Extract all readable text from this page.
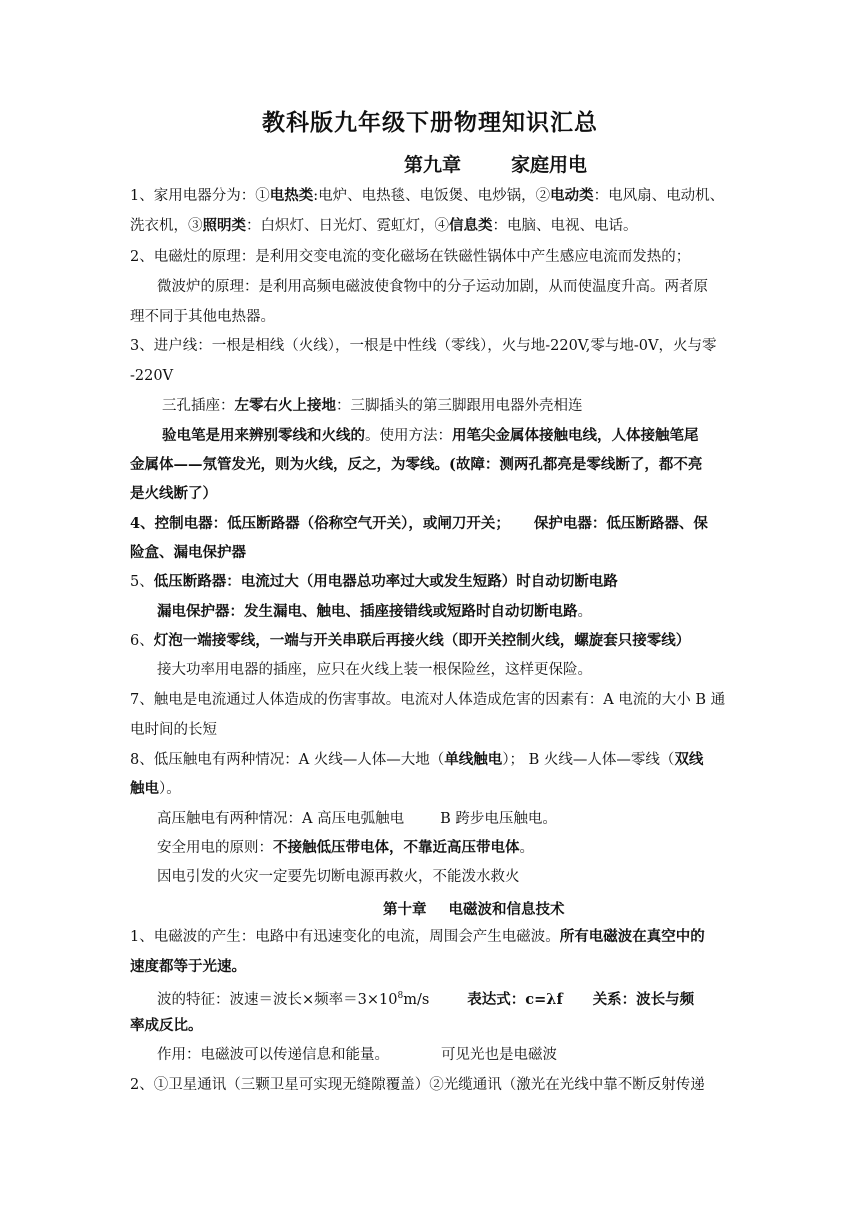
教科版九年级下册物理知识汇总
第九章	家庭用电
1、家用电器分为：①电热类:电炉、电热毯、电饭煲、电炒锅，②电动类：电风扇、电动机、
洗衣机，③照明类：白炽灯、日光灯、霓虹灯，④信息类：电脑、电视、电话。
2、电磁灶的原理：是利用交变电流的变化磁场在铁磁性锅体中产生感应电流而发热的；
微波炉的原理：是利用高频电磁波使食物中的分子运动加剧，从而使温度升高。两者原
理不同于其他电热器。
3、进户线：一根是相线（火线），一根是中性线（零线），火与地-220V,零与地-0V，火与零
-220V
三孔插座：左零右火上接地：三脚插头的第三脚跟用电器外壳相连
验电笔是用来辨别零线和火线的。使用方法：用笔尖金属体接触电线，人体接触笔尾
金属体——氖管发光，则为火线，反之，为零线。(故障：测两孔都亮是零线断了，都不亮
是火线断了）
4、控制电器：低压断路器（俗称空气开关），或闸刀开关； 保护电器：低压断路器、保
险盒、漏电保护器
5、低压断路器：电流过大（用电器总功率过大或发生短路）时自动切断电路
漏电保护器：发生漏电、触电、插座接错线或短路时自动切断电路。
6、灯泡一端接零线，一端与开关串联后再接火线（即开关控制火线，螺旋套只接零线）
接大功率用电器的插座，应只在火线上装一根保险丝，这样更保险。
7、触电是电流通过人体造成的伤害事故。电流对人体造成危害的因素有：A 电流的大小 B 通
电时间的长短
8、低压触电有两种情况：A 火线—人体—大地（单线触电）； B 火线—人体—零线（双线
触电）。
高压触电有两种情况：A 高压电弧触电 B 跨步电压触电。
安全用电的原则：不接触低压带电体，不靠近高压带电体。
因电引发的火灾一定要先切断电源再救火，不能泼水救火
第十章 电磁波和信息技术
1、电磁波的产生：电路中有迅速变化的电流，周围会产生电磁波。所有电磁波在真空中的
速度都等于光速。
波的特征：波速＝波长×频率$=3\times 10^8m/s$	表达式：c=λf 关系：波长与频
率成反比。
作用：电磁波可以传递信息和能量。	可见光也是电磁波
2、①卫星通讯（三颗卫星可实现无缝隙覆盖）②光缆通讯（激光在光线中靠不断反射传递
